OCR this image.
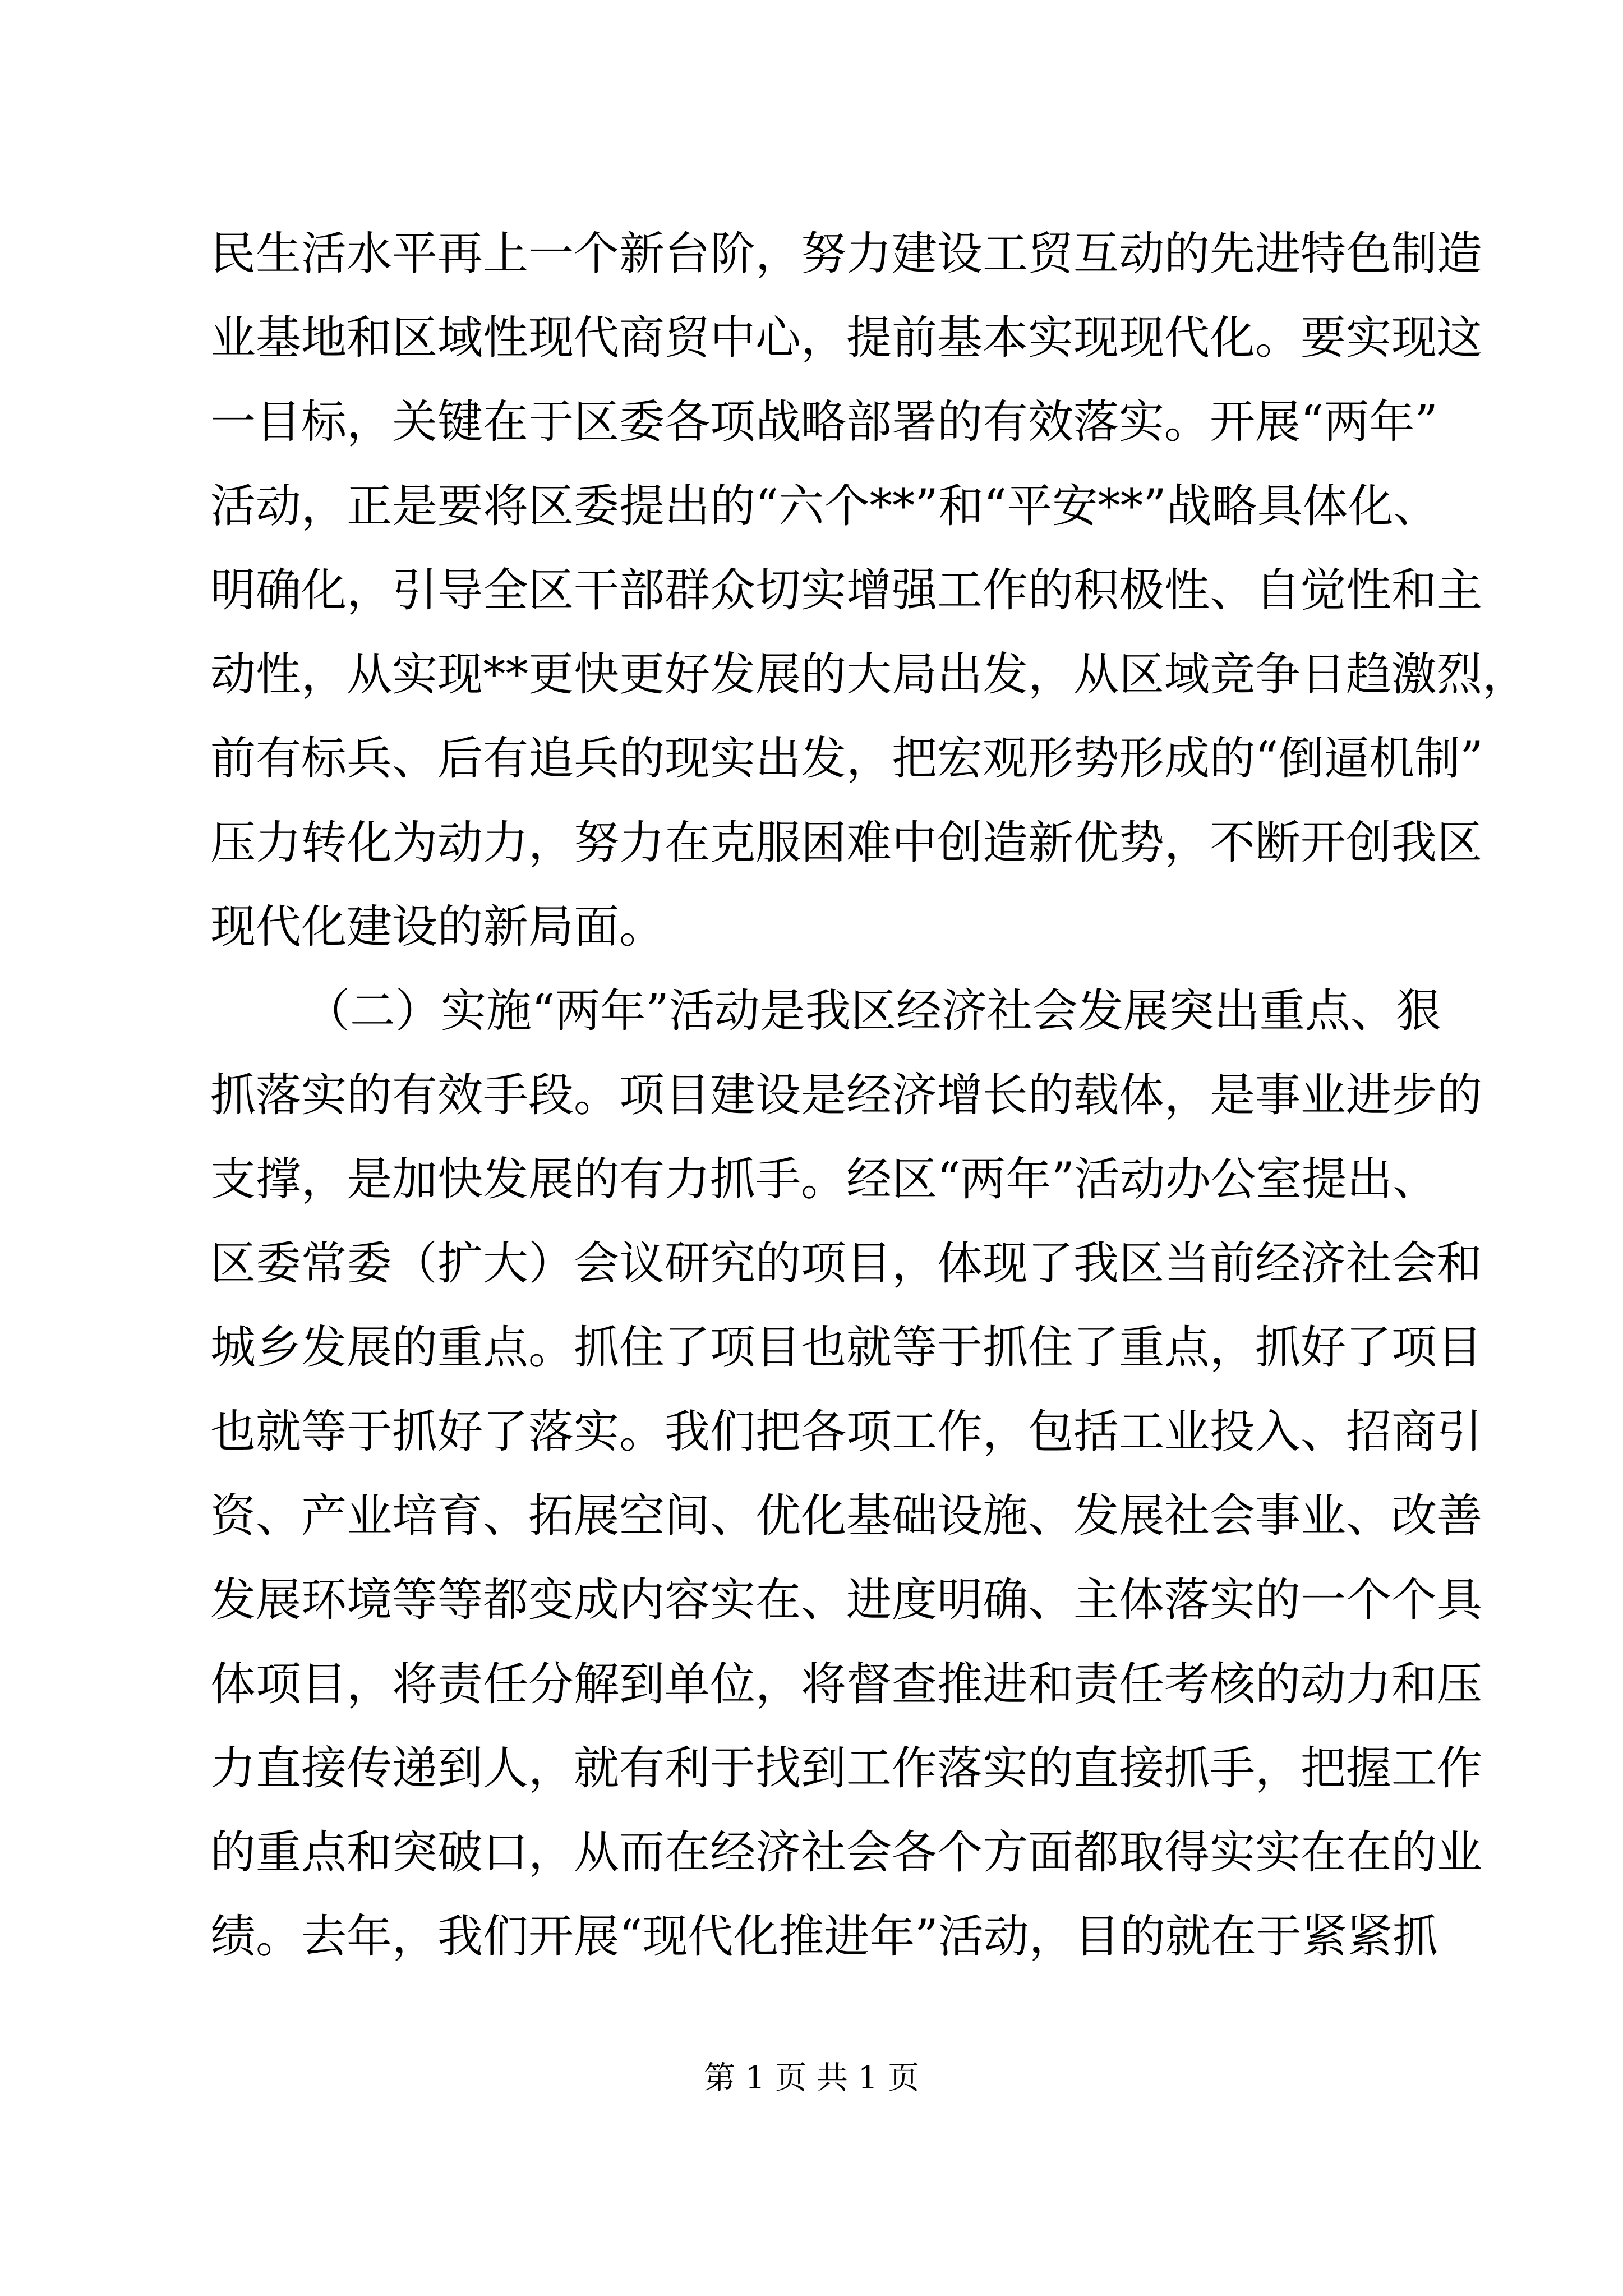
民生活水平再上一个新台阶，努力建设工贸互动的先进特色制造
业基地和区域性现代商贸中心，提前基本实现现代化。要实现这
一目标，关键在于区委各项战略部署的有效落实。开展“两年”
活动，正是要将区委提出的“六个**”和“平安**”战略具体化、
明确化，引导全区干部群众切实增强工作的积极性、自觉性和主
动性，从实现**更快更好发展的大局出发，从区域竞争日趋激烈，
前有标兵、后有追兵的现实出发，把宏观形势形成的“倒逼机制”
压力转化为动力，努力在克服困难中创造新优势，不断开创我区
现代化建设的新局面。
（二）实施“两年”活动是我区经济社会发展突出重点、狠
抓落实的有效手段。项目建设是经济增长的载体，是事业进步的
支撑，是加快发展的有力抓手。经区“两年”活动办公室提出、
区委常委（扩大）会议研究的项目，体现了我区当前经济社会和
城乡发展的重点。抓住了项目也就等于抓住了重点，抓好了项目
也就等于抓好了落实。我们把各项工作，包括工业投入、招商引
资、产业培育、拓展空间、优化基础设施、发展社会事业、改善
发展环境等等都变成内容实在、进度明确、主体落实的一个个具
体项目，将责任分解到单位，将督查推进和责任考核的动力和压
力直接传递到人，就有利于找到工作落实的直接抓手，把握工作
的重点和突破口，从而在经济社会各个方面都取得实实在在的业
绩。去年，我们开展“现代化推进年”活动，目的就在于紧紧抓
第 1 页 共 1 页
